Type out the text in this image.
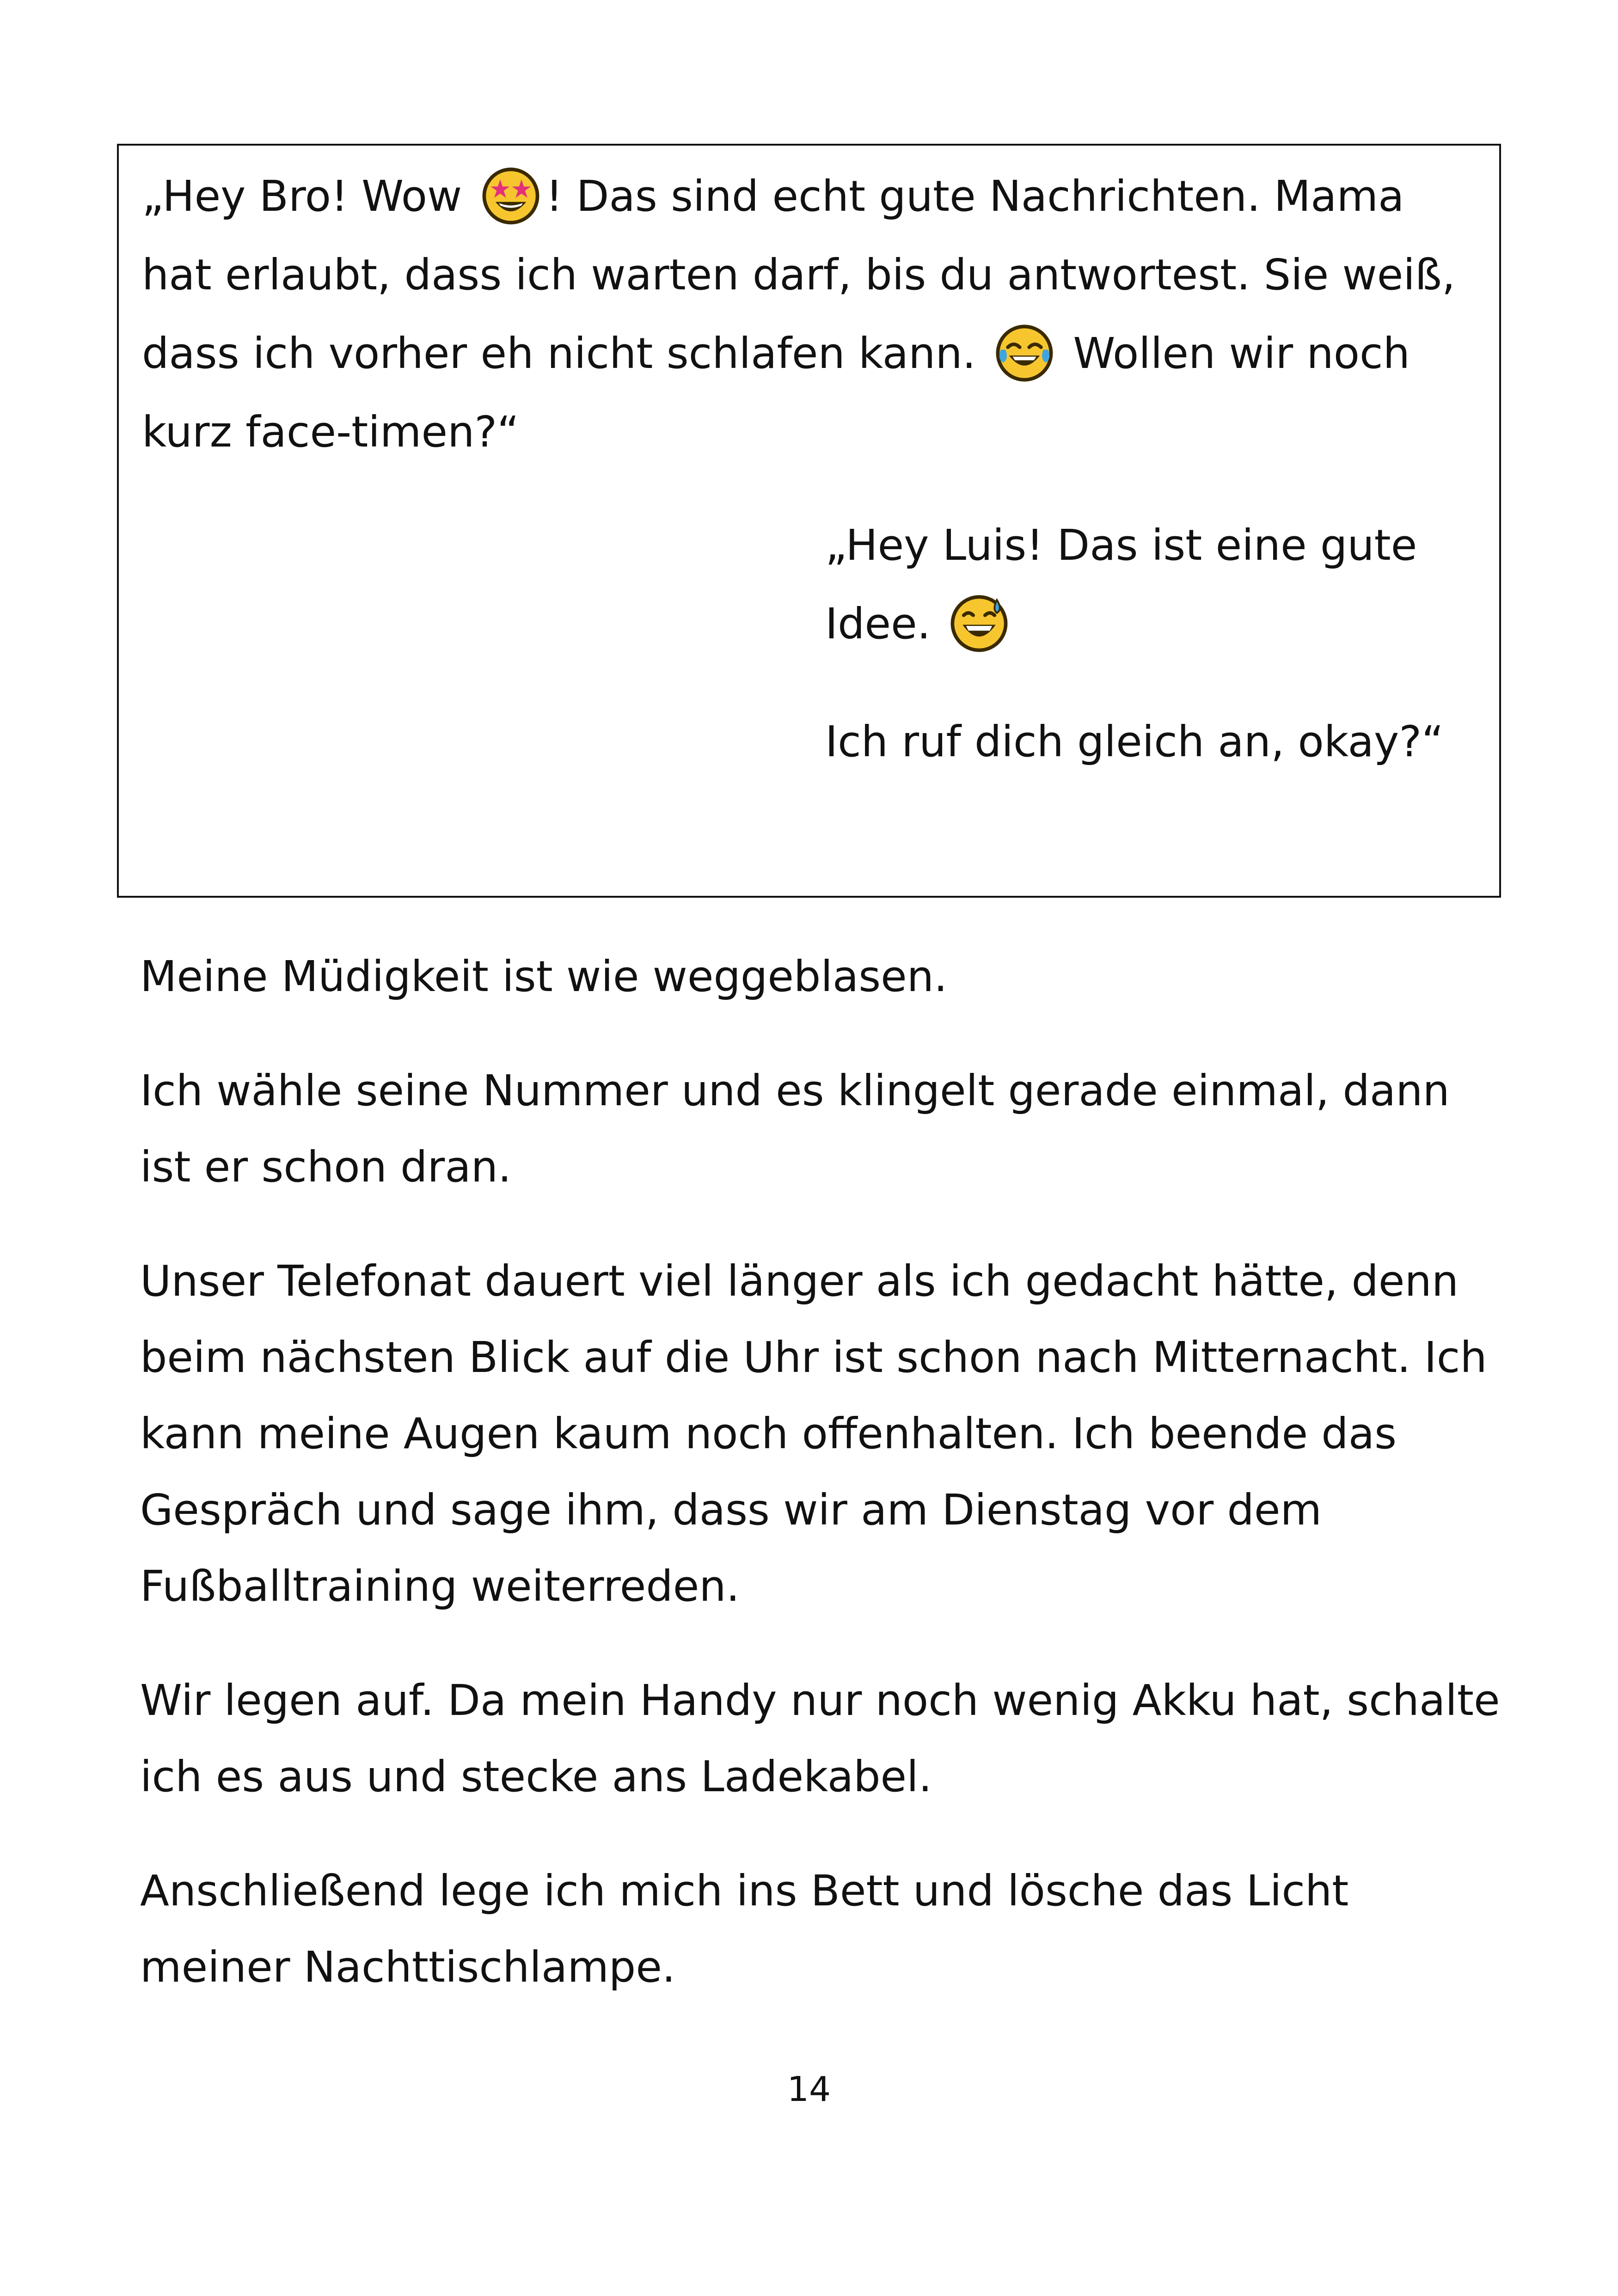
„Hey Bro! Wow
! Das sind echt gute Nachrichten. Mama hat erlaubt, dass ich warten darf, bis du antwortest. Sie weiß, dass ich vorher eh nicht schlafen kann.
Wollen wir noch kurz face-timen?“

„Hey Luis! Das ist eine gute
Idee.
Ich ruf dich gleich an, okay?“

Meine Müdigkeit ist wie weggeblasen.

Ich wähle seine Nummer und es klingelt gerade einmal, dann ist er schon dran.

Unser Telefonat dauert viel länger als ich gedacht hätte, denn beim nächsten Blick auf die Uhr ist schon nach Mitternacht. Ich kann meine Augen kaum noch offenhalten. Ich beende das Gespräch und sage ihm, dass wir am Dienstag vor dem Fußballtraining weiterreden.

Wir legen auf. Da mein Handy nur noch wenig Akku hat, schalte ich es aus und stecke ans Ladekabel.

Anschließend lege ich mich ins Bett und lösche das Licht meiner Nachttischlampe.

14
